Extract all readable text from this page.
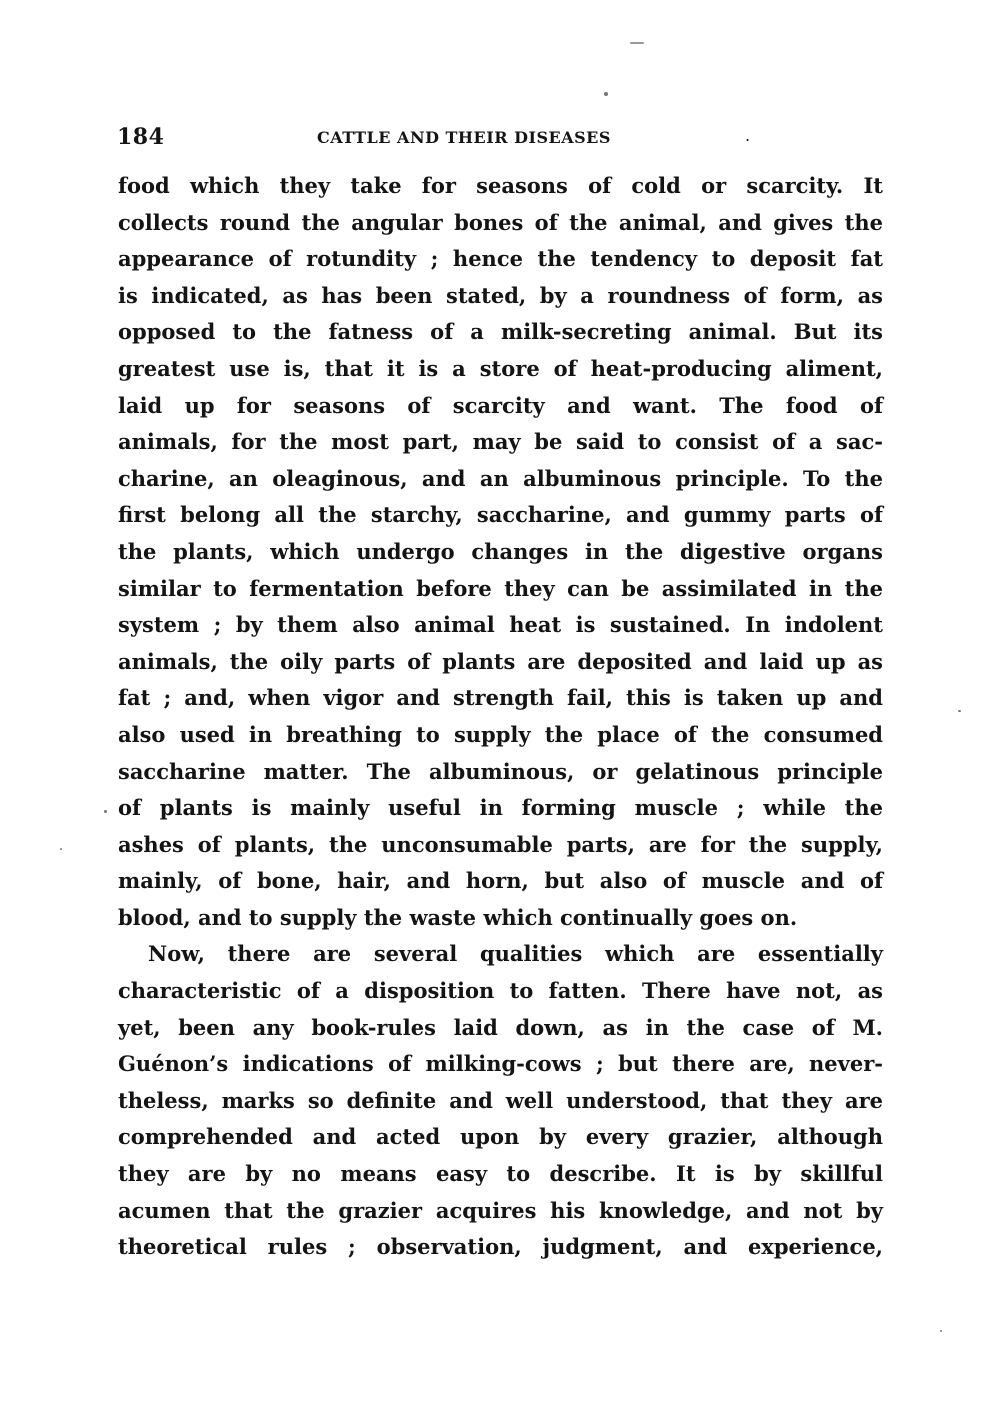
184	CATTLE AND THEIR DISEASES	.
food which they take for seasons of cold or scarcity. It
collects round the angular bones of the animal, and gives the
appearance of rotundity ; hence the tendency to deposit fat
is indicated, as has been stated, by a roundness of form, as
opposed to the fatness of a milk-secreting animal. But its
greatest use is, that it is a store of heat-producing aliment,
laid up for seasons of scarcity and want. The food of
animals, for the most part, may be said to consist of a sac-
charine, an oleaginous, and an albuminous principle. To the
first belong all the starchy, saccharine, and gummy parts of
the plants, which undergo changes in the digestive organs
similar to fermentation before they can be assimilated in the
system ; by them also animal heat is sustained. In indolent
animals, the oily parts of plants are deposited and laid up as
fat ; and, when vigor and strength fail, this is taken up and
also used in breathing to supply the place of the consumed
saccharine matter. The albuminous, or gelatinous principle
of plants is mainly useful in forming muscle ; while the
ashes of plants, the unconsumable parts, are for the supply,
mainly, of bone, hair, and horn, but also of muscle and of
blood, and to supply the waste which continually goes on.
Now, there are several qualities which are essentially
characteristic of a disposition to fatten. There have not, as
yet, been any book-rules laid down, as in the case of M.
Guénon’s indications of milking-cows ; but there are, never-
theless, marks so definite and well understood, that they are
comprehended and acted upon by every grazier, although
they are by no means easy to describe. It is by skillful
acumen that the grazier acquires his knowledge, and not by
theoretical rules ; observation, judgment, and experience,
